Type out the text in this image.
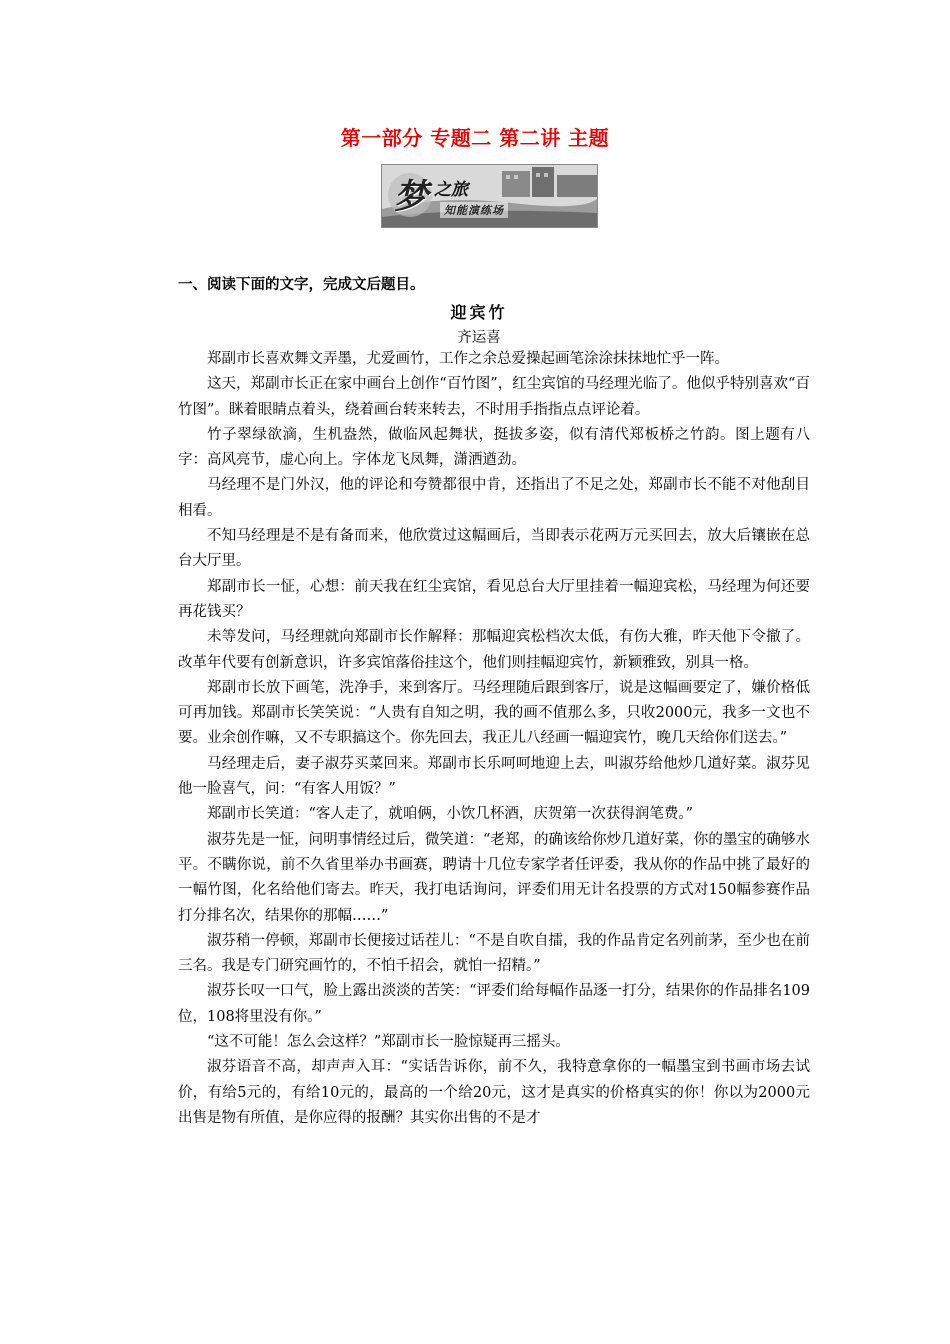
第一部分 专题二 第二讲 主题
梦 之旅
知能演练场
一、阅读下面的文字，完成文后题目。
迎宾竹
齐运喜

郑副市长喜欢舞文弄墨，尤爱画竹，工作之余总爱操起画笔涂涂抹抹地忙乎一阵。

这天，郑副市长正在家中画台上创作“百竹图”，红尘宾馆的马经理光临了。他似乎特别喜欢“百竹图”。眯着眼睛点着头，绕着画台转来转去，不时用手指指点点评论着。

竹子翠绿欲滴，生机盎然，做临风起舞状，挺拔多姿，似有清代郑板桥之竹韵。图上题有八字：高风亮节，虚心向上。字体龙飞凤舞，潇洒遒劲。

马经理不是门外汉，他的评论和夸赞都很中肯，还指出了不足之处，郑副市长不能不对他刮目相看。

不知马经理是不是有备而来，他欣赏过这幅画后，当即表示花两万元买回去，放大后镶嵌在总台大厅里。

郑副市长一怔，心想：前天我在红尘宾馆，看见总台大厅里挂着一幅迎宾松，马经理为何还要再花钱买？

未等发问，马经理就向郑副市长作解释：那幅迎宾松档次太低，有伤大雅，昨天他下令撤了。改革年代要有创新意识，许多宾馆落俗挂这个，他们则挂幅迎宾竹，新颖雅致，别具一格。

郑副市长放下画笔，洗净手，来到客厅。马经理随后跟到客厅，说是这幅画要定了，嫌价格低可再加钱。郑副市长笑笑说：“人贵有自知之明，我的画不值那么多，只收2000元，我多一文也不要。业余创作嘛，又不专职搞这个。你先回去，我正儿八经画一幅迎宾竹，晚几天给你们送去。”

马经理走后，妻子淑芬买菜回来。郑副市长乐呵呵地迎上去，叫淑芬给他炒几道好菜。淑芬见他一脸喜气，问：“有客人用饭？”

郑副市长笑道：“客人走了，就咱俩，小饮几杯酒，庆贺第一次获得润笔费。”

淑芬先是一怔，问明事情经过后，微笑道：“老郑，的确该给你炒几道好菜，你的墨宝的确够水平。不瞒你说，前不久省里举办书画赛，聘请十几位专家学者任评委，我从你的作品中挑了最好的一幅竹图，化名给他们寄去。昨天，我打电话询问，评委们用无计名投票的方式对150幅参赛作品打分排名次，结果你的那幅……”

淑芬稍一停顿，郑副市长便接过话茬儿：“不是自吹自擂，我的作品肯定名列前茅，至少也在前三名。我是专门研究画竹的，不怕千招会，就怕一招精。”

淑芬长叹一口气，脸上露出淡淡的苦笑：“评委们给每幅作品逐一打分，结果你的作品排名109位，108将里没有你。”

“这不可能！怎么会这样？”郑副市长一脸惊疑再三摇头。

淑芬语音不高，却声声入耳：“实话告诉你，前不久，我特意拿你的一幅墨宝到书画市场去试价，有给5元的，有给10元的，最高的一个给20元，这才是真实的价格真实的你！你以为2000元出售是物有所值，是你应得的报酬？其实你出售的不是才
